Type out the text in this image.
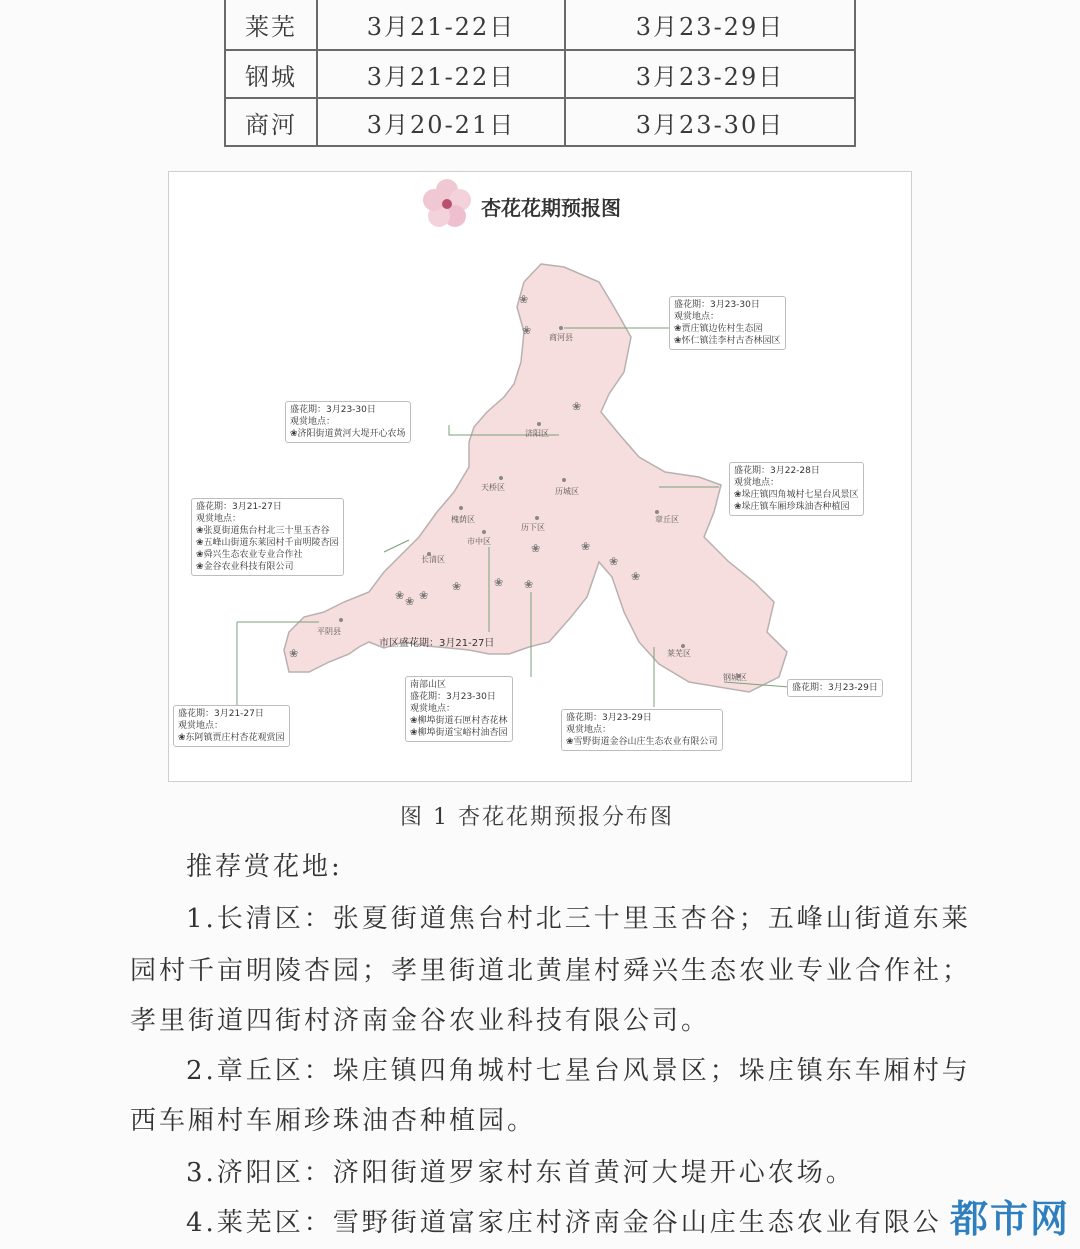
莱芜	3月21-22日	3月23-29日
钢城	3月21-22日	3月23-29日
商河	3月20-21日	3月23-30日
❀
❀
❀
❀
❀
❀
❀
❀ ❀
❀
❀
❀ ❀
❀
杏花花期预报图
商河县
济阳区
天桥区	历城区
槐荫区
市中区
历下区
长清区
章丘区
平阴县
莱芜区
钢城区
盛花期：3月23-30日
观赏地点：
❀贾庄镇边佐村生态园
❀怀仁镇洼李村古杏林园区
盛花期：3月23-30日
观赏地点：
❀济阳街道黄河大堤开心农场
盛花期：3月22-28日
观赏地点：
❀垛庄镇四角城村七星台风景区
❀垛庄镇车厢珍珠油杏种植园
盛花期：3月21-27日
观赏地点：
❀张夏街道焦台村北三十里玉杏谷
❀五峰山街道东莱园村千亩明陵杏园
❀舜兴生态农业专业合作社
❀金谷农业科技有限公司
市区盛花期：3月21-27日
盛花期：3月21-27日
观赏地点：
❀东阿镇贾庄村杏花观赏园
南部山区
盛花期：3月23-30日
观赏地点：
❀柳埠街道石匣村杏花林
❀柳埠街道宝峪村油杏园
盛花期：3月23-29日
观赏地点：
❀雪野街道金谷山庄生态农业有限公司
盛花期：3月23-29日
图 1 杏花花期预报分布图
推荐赏花地:
1.长清区：张夏街道焦台村北三十里玉杏谷；五峰山街道东莱
园村千亩明陵杏园；孝里街道北黄崖村舜兴生态农业专业合作社；
孝里街道四街村济南金谷农业科技有限公司。
2.章丘区：垛庄镇四角城村七星台风景区；垛庄镇东车厢村与
西车厢村车厢珍珠油杏种植园。
3.济阳区：济阳街道罗家村东首黄河大堤开心农场。
4.莱芜区：雪野街道富家庄村济南金谷山庄生态农业有限公 都市网
